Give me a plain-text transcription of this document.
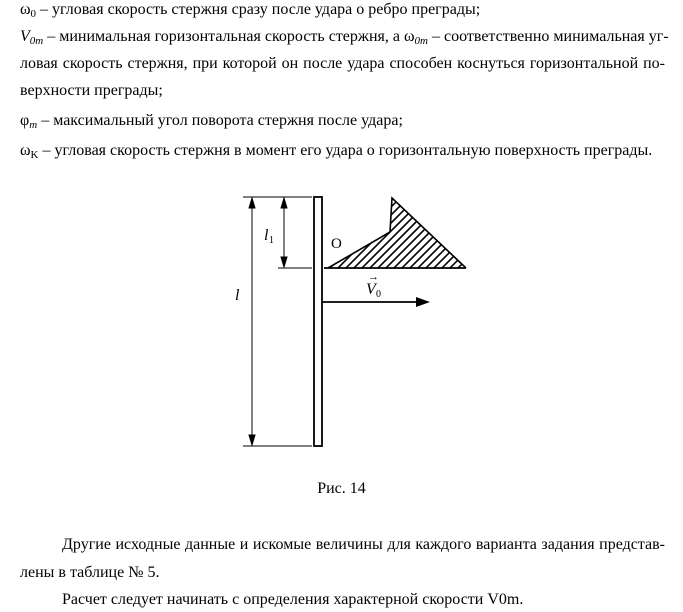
$\omega_0$ – угловая скорость стержня сразу после удара о ребро преграды;
$V_{0m}$ – минимальная горизонтальная скорость стержня, а $\omega_{0m}$ – соответственно минимальная уг-
ловая скорость стержня, при которой он после удара способен коснуться горизонтальной по-
верхности преграды;
$\varphi_m$ – максимальный угол поворота стержня после удара;
$\omega_K$ – угловая скорость стержня в момент его удара о горизонтальную поверхность преграды.
l 1
l
O
→
V 0
Рис. 14
Другие исходные данные и искомые величины для каждого варианта задания представ-
лены в таблице № 5.
Расчет следует начинать с определения характерной скорости V0m.
